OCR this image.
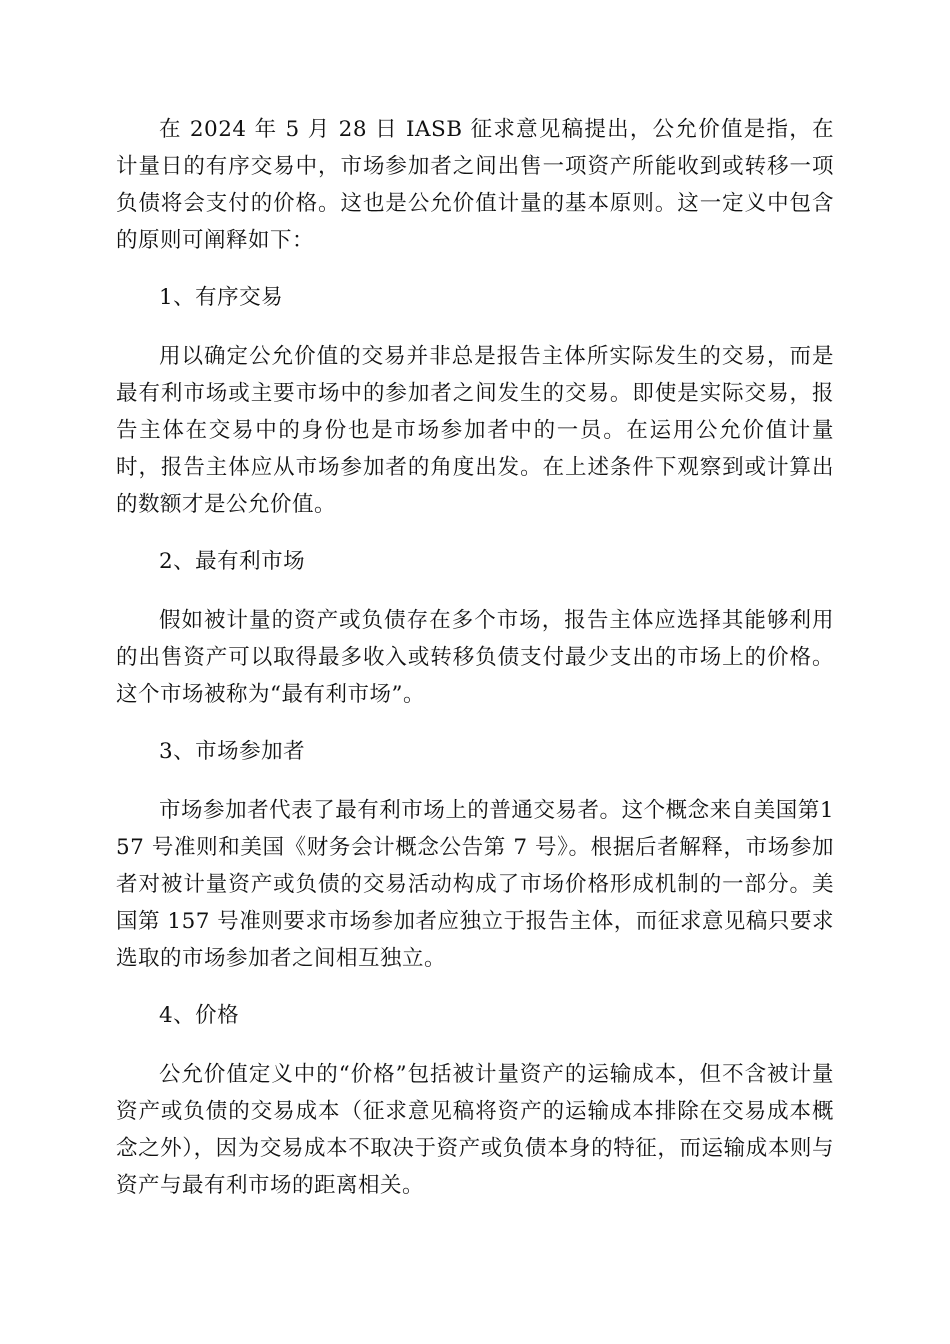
在 2024 年 5 月 28 日 IASB 征求意见稿提出，公允价值是指，在计量日的有序交易中，市场参加者之间出售一项资产所能收到或转移一项负债将会支付的价格。这也是公允价值计量的基本原则。这一定义中包含的原则可阐释如下：

1、有序交易

用以确定公允价值的交易并非总是报告主体所实际发生的交易，而是最有利市场或主要市场中的参加者之间发生的交易。即使是实际交易，报告主体在交易中的身份也是市场参加者中的一员。在运用公允价值计量时，报告主体应从市场参加者的角度出发。在上述条件下观察到或计算出的数额才是公允价值。

2、最有利市场

假如被计量的资产或负债存在多个市场，报告主体应选择其能够利用的出售资产可以取得最多收入或转移负债支付最少支出的市场上的价格。这个市场被称为“最有利市场”。

3、市场参加者

市场参加者代表了最有利市场上的普通交易者。这个概念来自美国第157 号准则和美国《财务会计概念公告第 7 号》。根据后者解释，市场参加者对被计量资产或负债的交易活动构成了市场价格形成机制的一部分。美国第 157 号准则要求市场参加者应独立于报告主体，而征求意见稿只要求选取的市场参加者之间相互独立。

4、价格

公允价值定义中的“价格”包括被计量资产的运输成本，但不含被计量资产或负债的交易成本（征求意见稿将资产的运输成本排除在交易成本概念之外），因为交易成本不取决于资产或负债本身的特征，而运输成本则与资产与最有利市场的距离相关。
